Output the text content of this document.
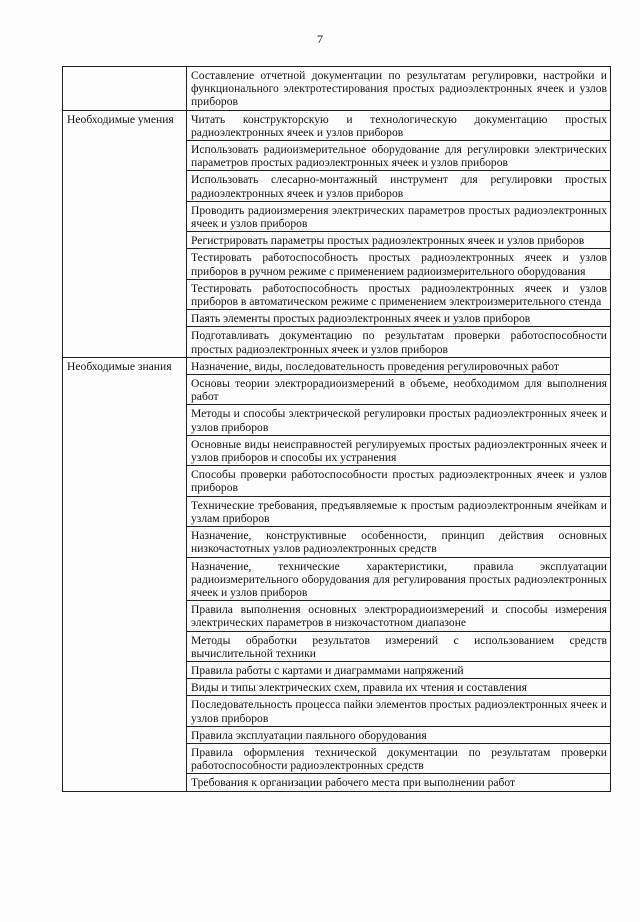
7
	Составление отчетной документации по результатам регулировки, настройки и функционального электротестирования простых радиоэлектронных ячеек и узлов приборов
Необходимые умения	Читать конструкторскую и технологическую документацию простых радиоэлектронных ячеек и узлов приборов
	Использовать радиоизмерительное оборудование для регулировки электрических параметров простых радиоэлектронных ячеек и узлов приборов
	Использовать слесарно-монтажный инструмент для регулировки простых радиоэлектронных ячеек и узлов приборов
	Проводить радиоизмерения электрических параметров простых радиоэлектронных ячеек и узлов приборов
	Регистрировать параметры простых радиоэлектронных ячеек и узлов приборов
	Тестировать работоспособность простых радиоэлектронных ячеек и узлов приборов в ручном режиме с применением радиоизмерительного оборудования
	Тестировать работоспособность простых радиоэлектронных ячеек и узлов приборов в автоматическом режиме с применением электроизмерительного стенда
	Паять элементы простых радиоэлектронных ячеек и узлов приборов
	Подготавливать документацию по результатам проверки работоспособности простых радиоэлектронных ячеек и узлов приборов
Необходимые знания	Назначение, виды, последовательность проведения регулировочных работ
	Основы теории электрорадиоизмерений в объеме, необходимом для выполнения работ
	Методы и способы электрической регулировки простых радиоэлектронных ячеек и узлов приборов
	Основные виды неисправностей регулируемых простых радиоэлектронных ячеек и узлов приборов и способы их устранения
	Способы проверки работоспособности простых радиоэлектронных ячеек и узлов приборов
	Технические требования, предъявляемые к простым радиоэлектронным ячейкам и узлам приборов
	Назначение, конструктивные особенности, принцип действия основных низкочастотных узлов радиоэлектронных средств
	Назначение, технические характеристики, правила эксплуатации радиоизмерительного оборудования для регулирования простых радиоэлектронных ячеек и узлов приборов
	Правила выполнения основных электрорадиоизмерений и способы измерения электрических параметров в низкочастотном диапазоне
	Методы обработки результатов измерений с использованием средств вычислительной техники
	Правила работы с картами и диаграммами напряжений
	Виды и типы электрических схем, правила их чтения и составления
	Последовательность процесса пайки элементов простых радиоэлектронных ячеек и узлов приборов
	Правила эксплуатации паяльного оборудования
	Правила оформления технической документации по результатам проверки работоспособности радиоэлектронных средств
	Требования к организации рабочего места при выполнении работ
